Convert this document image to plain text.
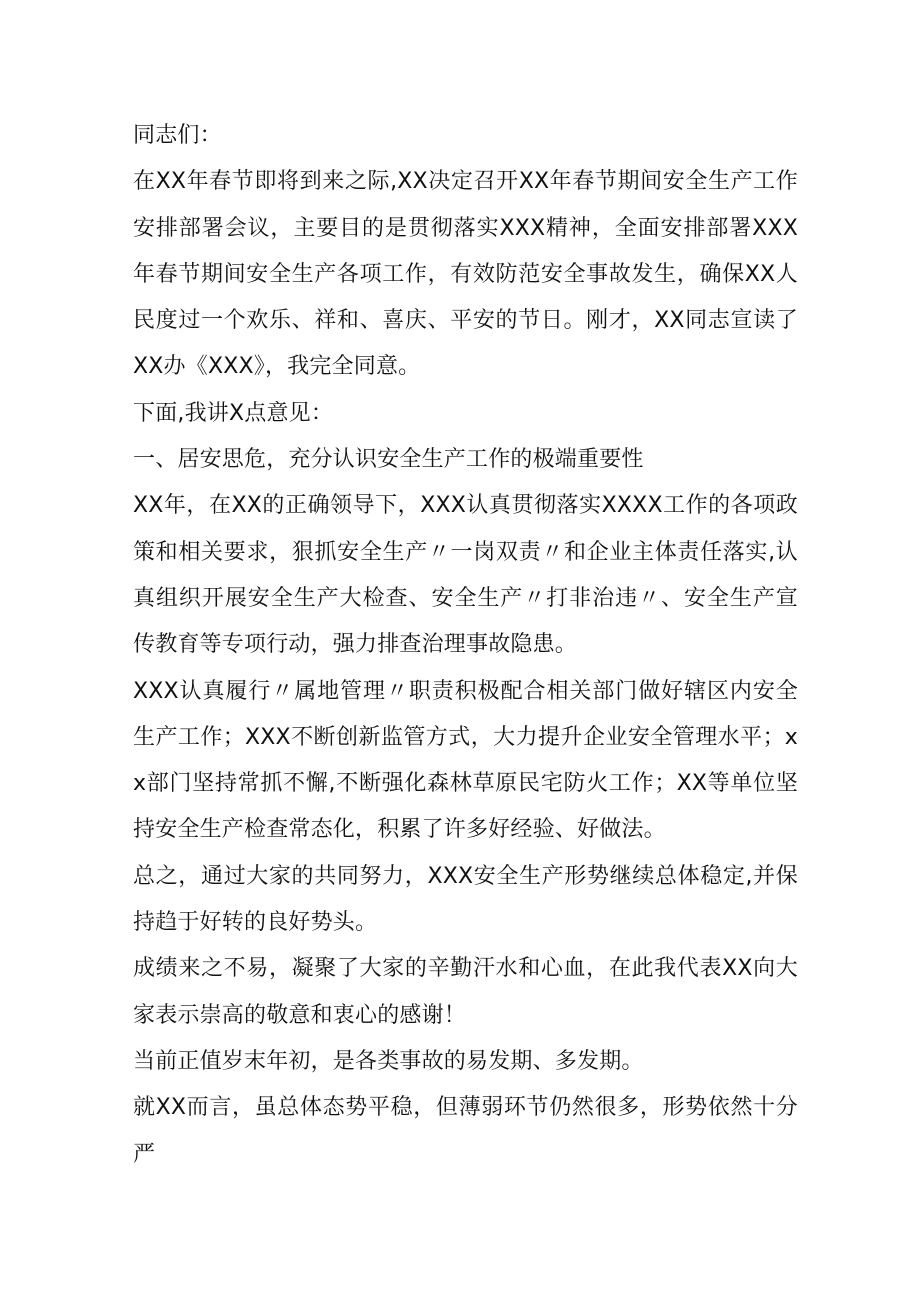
同志们：

在XX年春节即将到来之际,XX决定召开XX年春节期间安全生产工作安排部署会议，主要目的是贯彻落实XXX精神，全面安排部署XXX年春节期间安全生产各项工作，有效防范安全事故发生，确保XX人民度过一个欢乐、祥和、喜庆、平安的节日。刚才，XX同志宣读了XX办《XXX》，我完全同意。

下面,我讲X点意见：

一、居安思危，充分认识安全生产工作的极端重要性

XX年，在XX的正确领导下，XXX认真贯彻落实XXXX工作的各项政策和相关要求，狠抓安全生产〃一岗双责〃和企业主体责任落实,认真组织开展安全生产大检查、安全生产〃打非治违〃、安全生产宣传教育等专项行动，强力排查治理事故隐患。

XXX认真履行〃属地管理〃职责积极配合相关部门做好辖区内安全生产工作；XXX不断创新监管方式，大力提升企业安全管理水平；xx部门坚持常抓不懈,不断强化森林草原民宅防火工作；XX等单位坚持安全生产检查常态化，积累了许多好经验、好做法。

总之，通过大家的共同努力，XXX安全生产形势继续总体稳定,并保持趋于好转的良好势头。

成绩来之不易，凝聚了大家的辛勤汗水和心血，在此我代表XX向大家表示崇高的敬意和衷心的感谢！

当前正值岁末年初，是各类事故的易发期、多发期。

就XX而言，虽总体态势平稳，但薄弱环节仍然很多，形势依然十分严
